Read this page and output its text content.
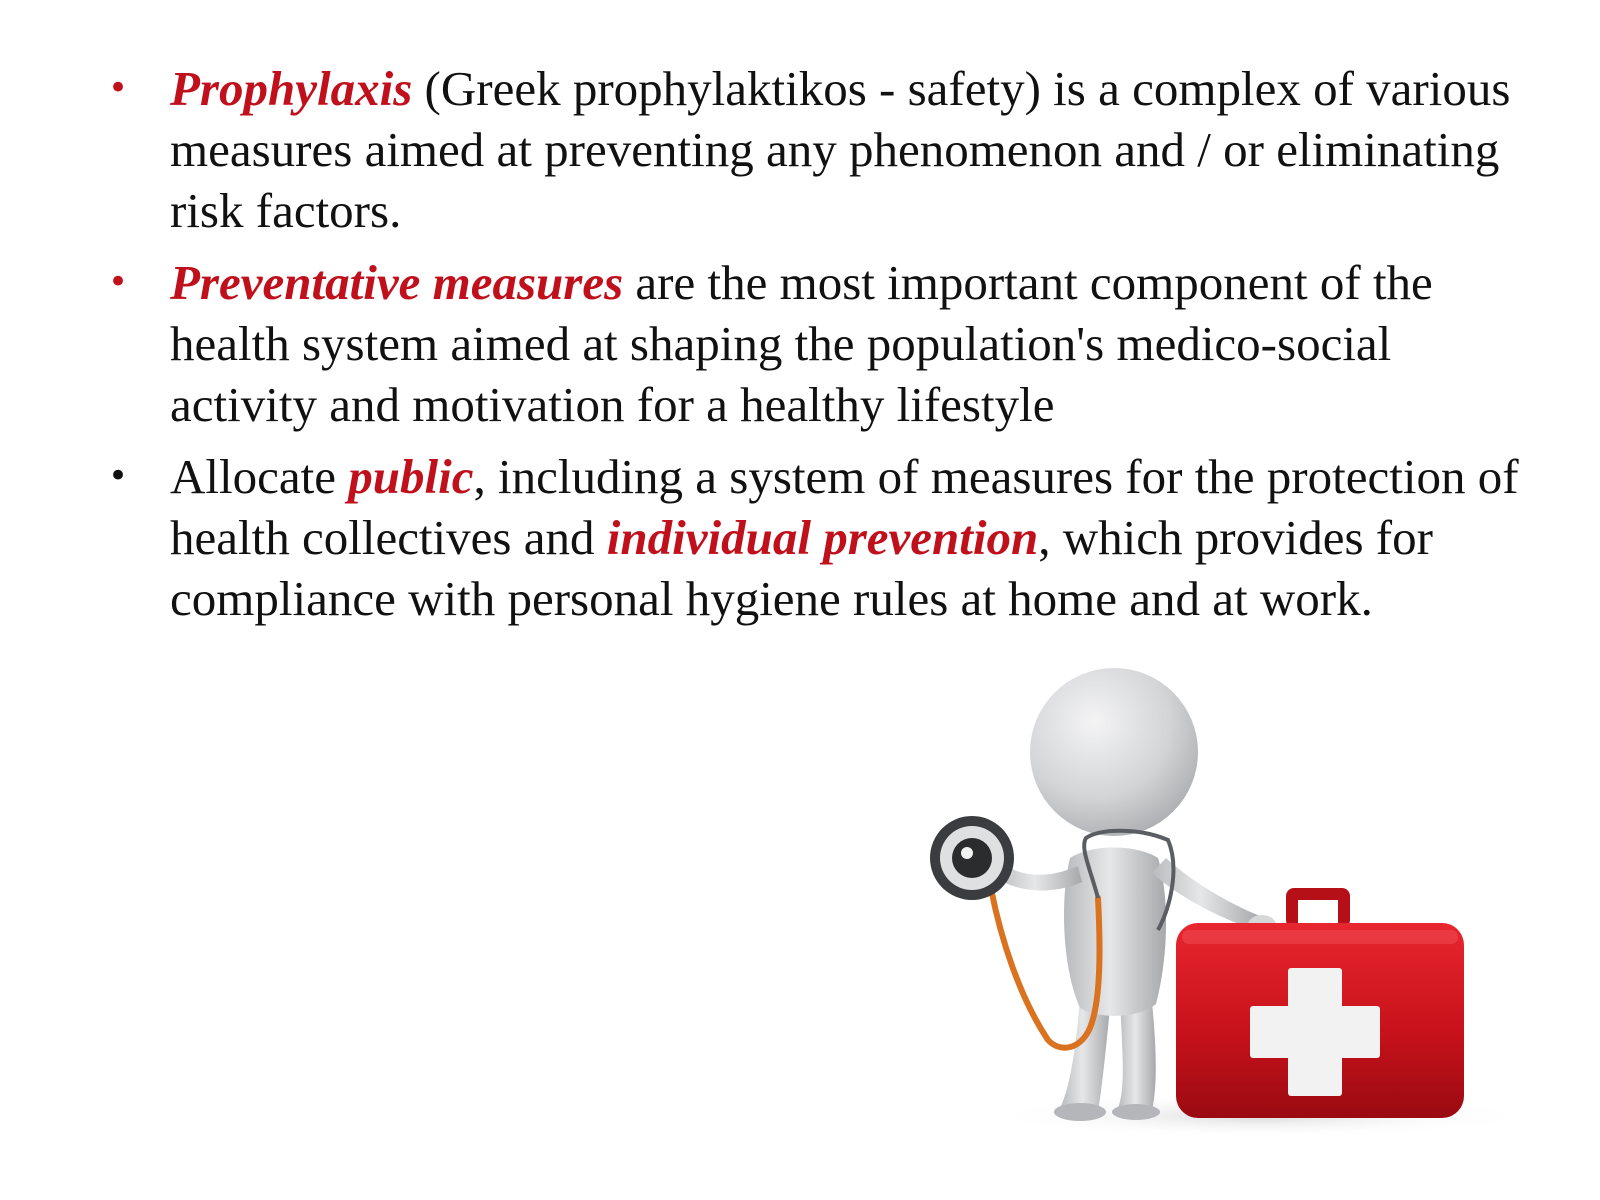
• Prophylaxis (Greek prophylaktikos - safety) is a complex of various measures aimed at preventing any phenomenon and / or eliminating risk factors.
• Preventative measures are the most important component of the health system aimed at shaping the population's medico-social activity and motivation for a healthy lifestyle
• Allocate public, including a system of measures for the protection of health collectives and individual prevention, which provides for compliance with personal hygiene rules at home and at work.
